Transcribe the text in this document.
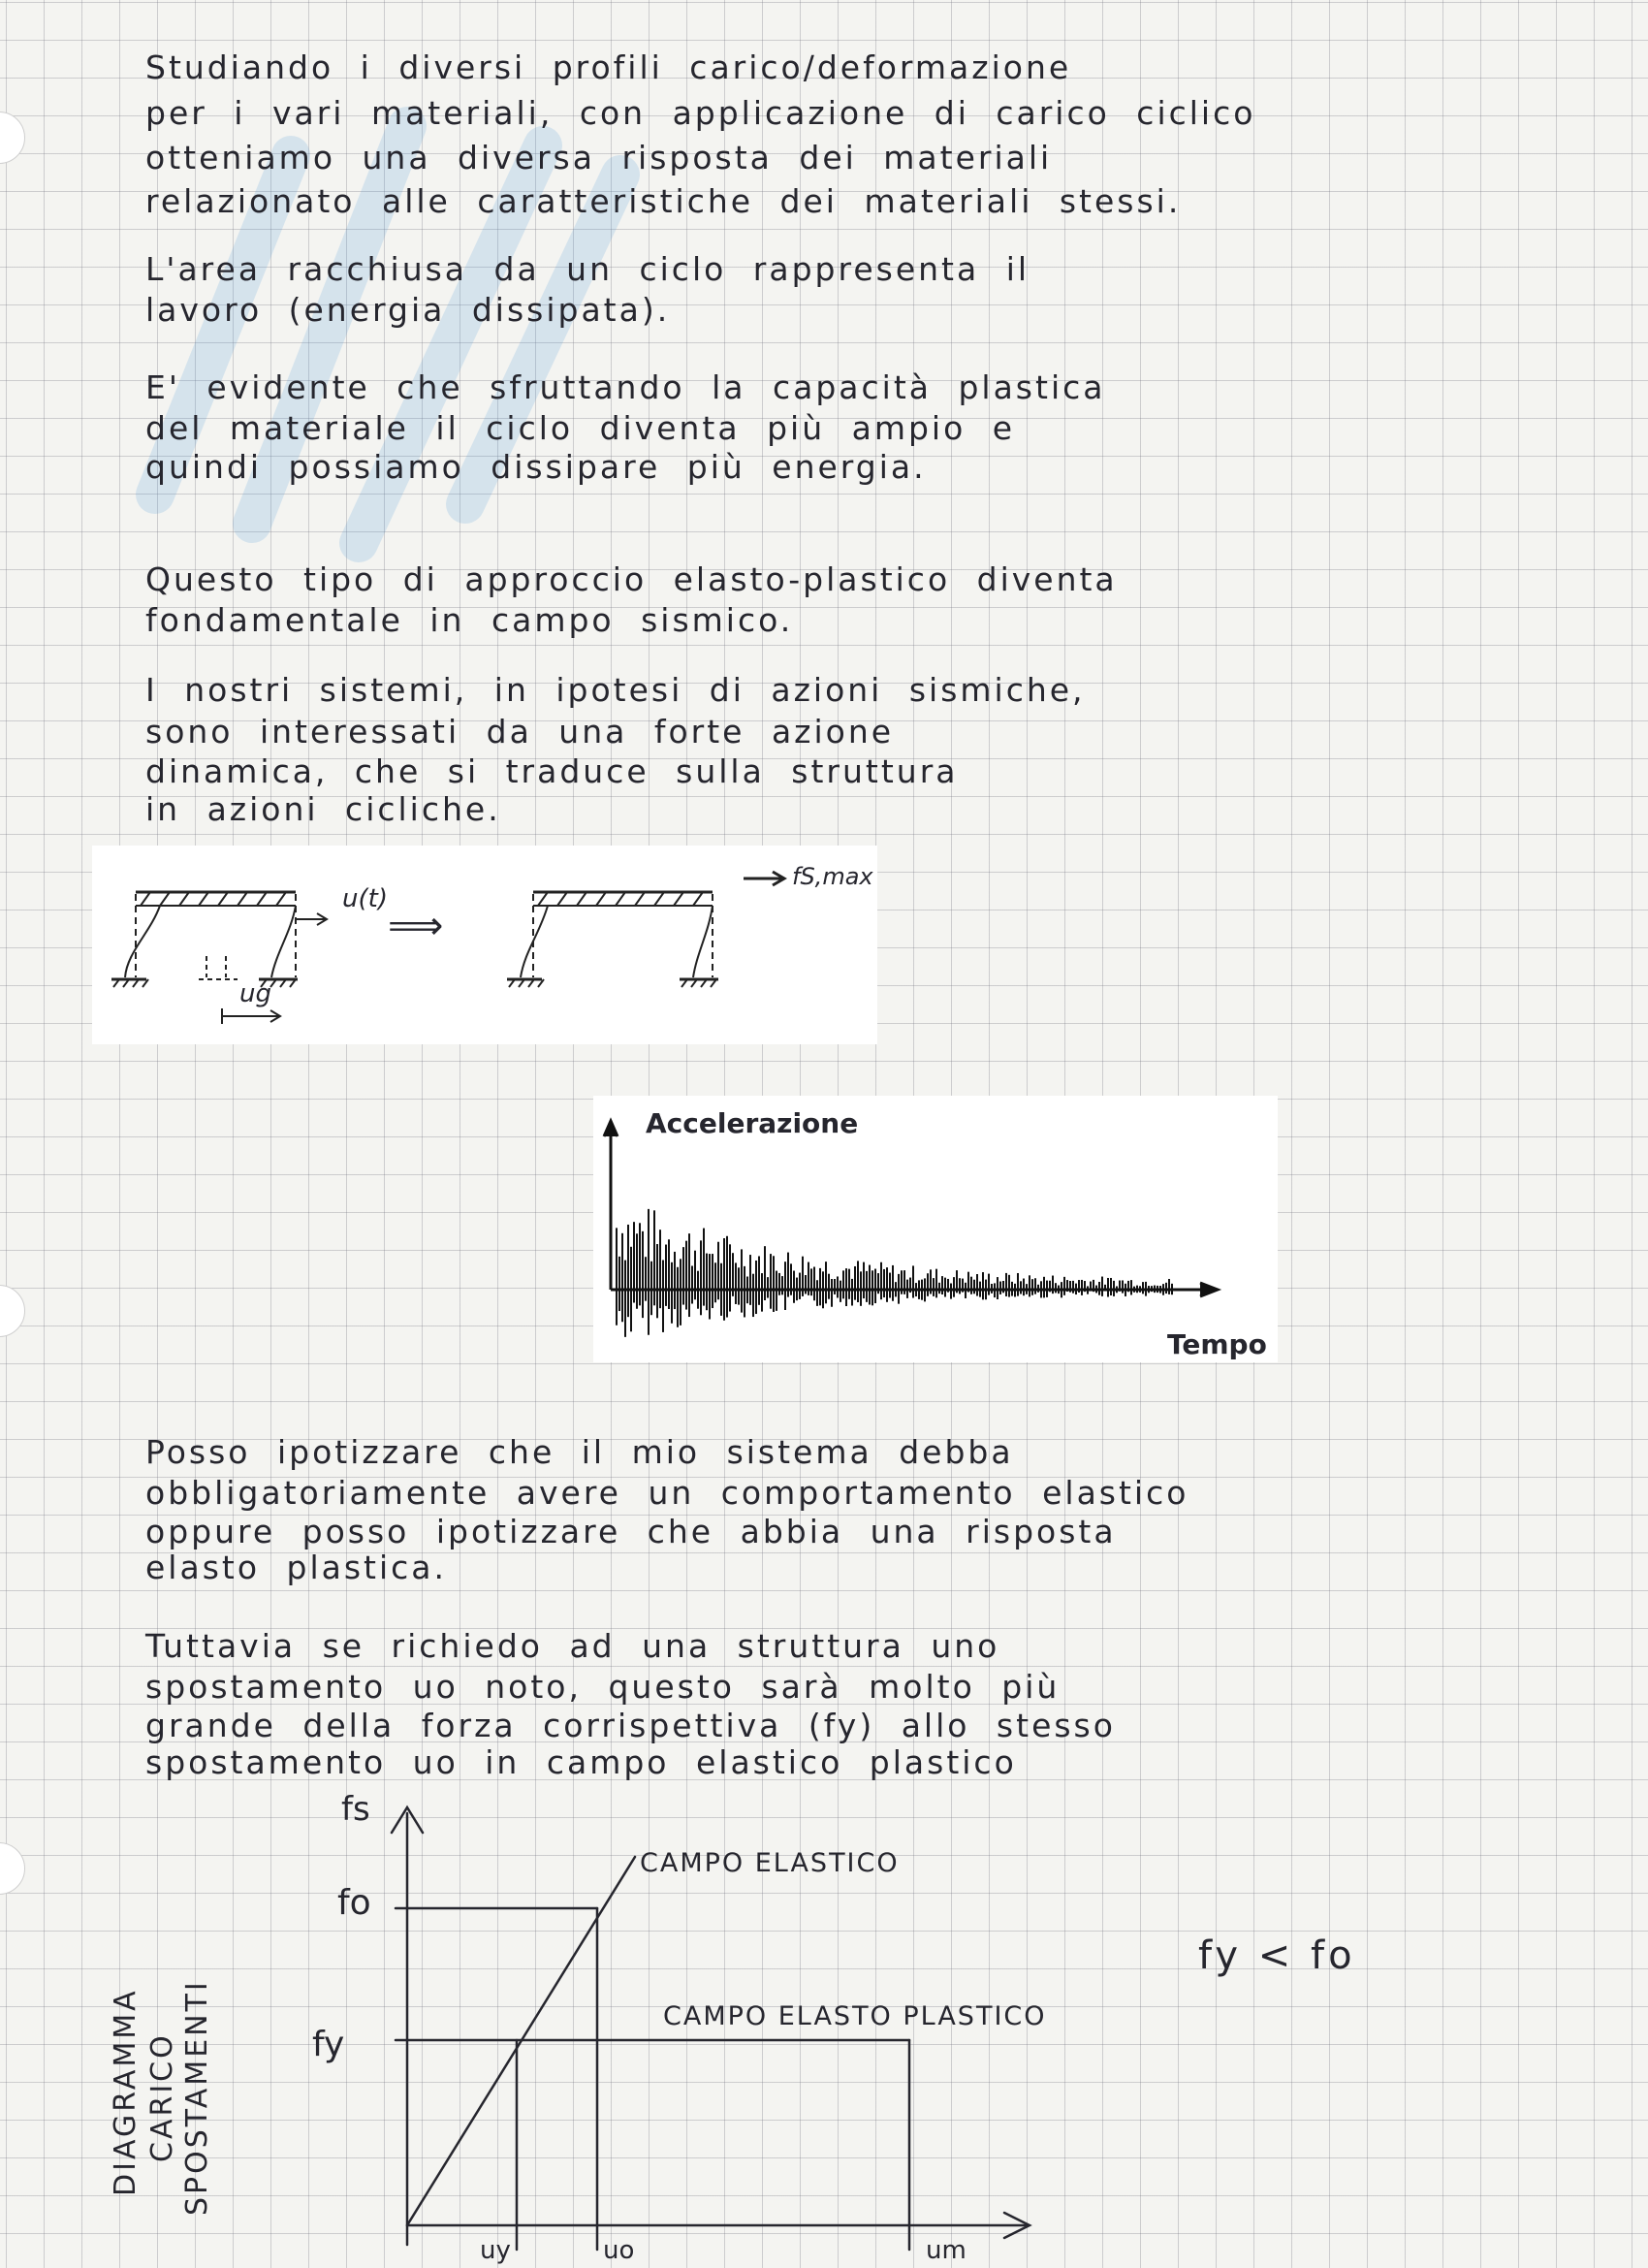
Studiando i diversi profili carico/deformazione
per i vari materiali, con applicazione di carico ciclico
otteniamo una diversa risposta dei materiali
relazionato alle caratteristiche dei materiali stessi.
L'area racchiusa da un ciclo rappresenta il
lavoro (energia dissipata).
E' evidente che sfruttando la capacità plastica
del materiale il ciclo diventa più ampio e
quindi possiamo dissipare più energia.
Questo tipo di approccio elasto-plastico diventa
fondamentale in campo sismico.
I nostri sistemi, in ipotesi di azioni sismiche,
sono interessati da una forte azione
dinamica, che si traduce sulla struttura
in azioni cicliche.
u(t)
ug
fS,max
⟹
Accelerazione
Tempo
Posso ipotizzare che il mio sistema debba
obbligatoriamente avere un comportamento elastico
oppure posso ipotizzare che abbia una risposta
elasto plastica.
Tuttavia se richiedo ad una struttura uno
spostamento uo noto, questo sarà molto più
grande della forza corrispettiva (fy) allo stesso
spostamento uo in campo elastico plastico
fs
fo
fy
uy	uo	um
CAMPO ELASTICO
CAMPO ELASTO PLASTICO
fy < fo
DIAGRAMMA CARICO SPOSTAMENTI
